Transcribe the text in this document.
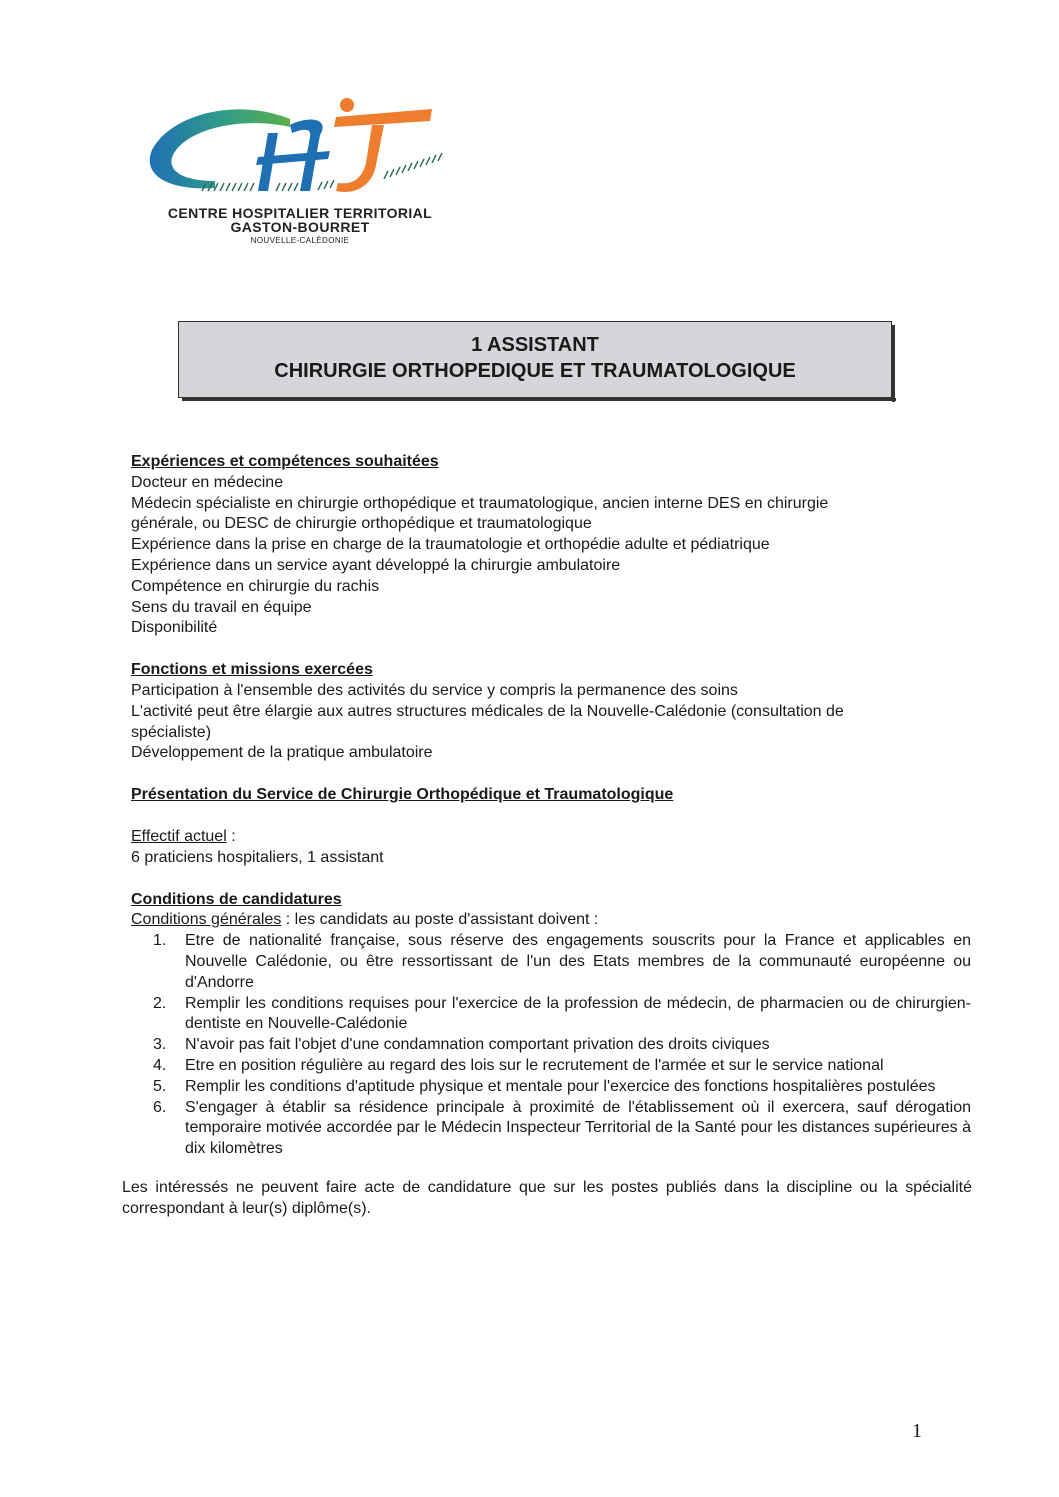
CENTRE HOSPITALIER TERRITORIAL
GASTON-BOURRET
NOUVELLE-CALÉDONIE
1 ASSISTANT
CHIRURGIE ORTHOPEDIQUE ET TRAUMATOLOGIQUE

Expériences et compétences souhaitées

Docteur en médecine

Médecin spécialiste en chirurgie orthopédique et traumatologique, ancien interne DES en chirurgie

générale, ou DESC de chirurgie orthopédique et traumatologique

Expérience dans la prise en charge de la traumatologie et orthopédie adulte et pédiatrique

Expérience dans un service ayant développé la chirurgie ambulatoire

Compétence en chirurgie du rachis

Sens du travail en équipe

Disponibilité

Fonctions et missions exercées

Participation à l'ensemble des activités du service y compris la permanence des soins

L'activité peut être élargie aux autres structures médicales de la Nouvelle-Calédonie (consultation de

spécialiste)

Développement de la pratique ambulatoire

Présentation du Service de Chirurgie Orthopédique et Traumatologique

Effectif actuel :

6 praticiens hospitaliers, 1 assistant

Conditions de candidatures

Conditions générales : les candidats au poste d'assistant doivent :

1. Etre de nationalité française, sous réserve des engagements souscrits pour la France et applicables en Nouvelle Calédonie, ou être ressortissant de l'un des Etats membres de la communauté européenne ou d'Andorre
2. Remplir les conditions requises pour l'exercice de la profession de médecin, de pharmacien ou de chirurgien-dentiste en Nouvelle-Calédonie
3. N'avoir pas fait l'objet d'une condamnation comportant privation des droits civiques
4. Etre en position régulière au regard des lois sur le recrutement de l'armée et sur le service national
5. Remplir les conditions d'aptitude physique et mentale pour l'exercice des fonctions hospitalières postulées
6. S'engager à établir sa résidence principale à proximité de l'établissement où il exercera, sauf dérogation temporaire motivée accordée par le Médecin Inspecteur Territorial de la Santé pour les distances supérieures à dix kilomètres

Les intéressés ne peuvent faire acte de candidature que sur les postes publiés dans la discipline ou la spécialité correspondant à leur(s) diplôme(s).

1
